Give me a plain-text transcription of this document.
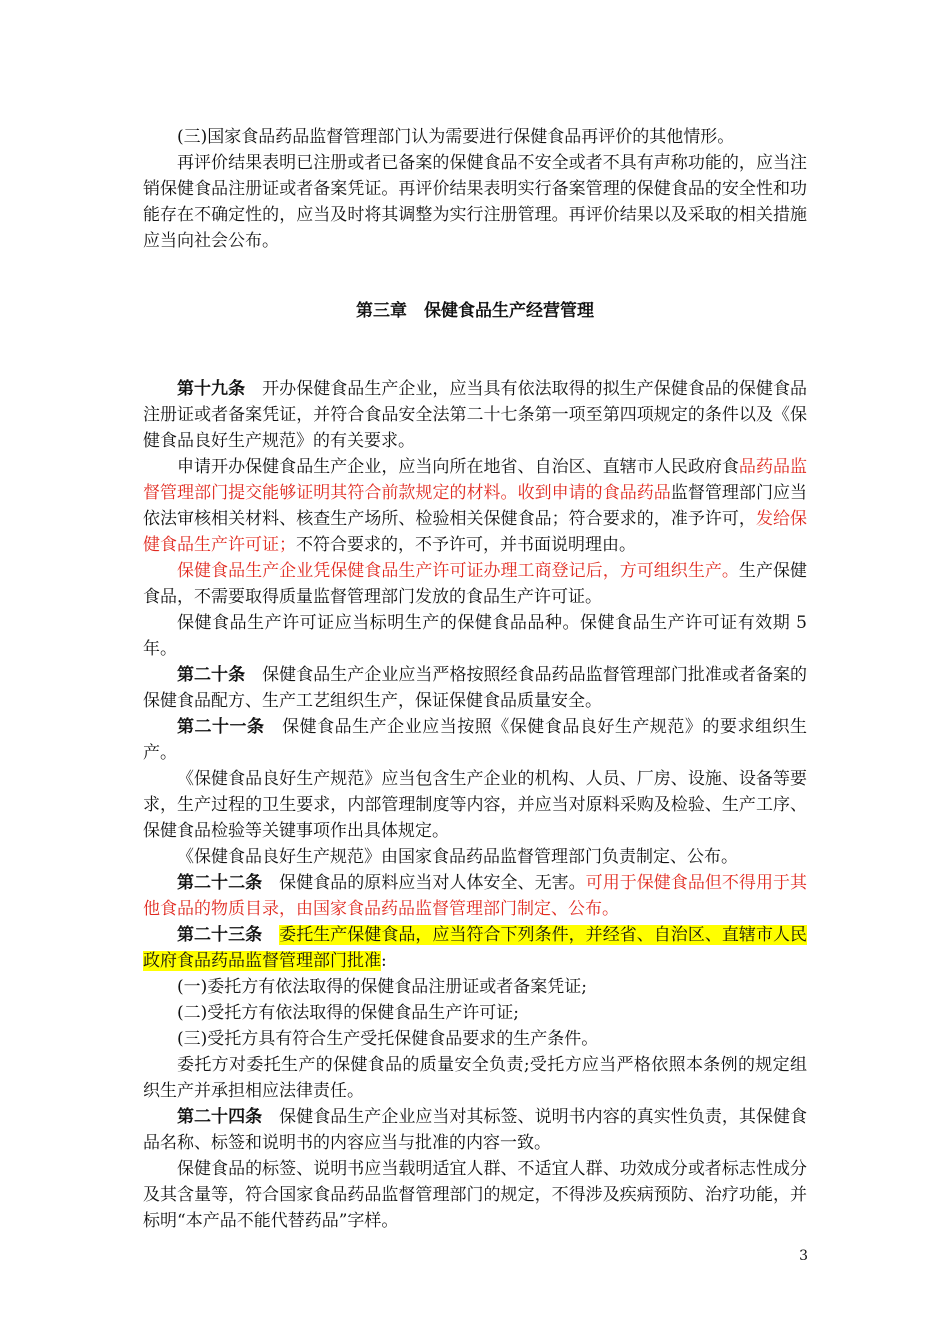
(三)国家食品药品监督管理部门认为需要进行保健食品再评价的其他情形。

再评价结果表明已注册或者已备案的保健食品不安全或者不具有声称功能的，应当注销保健食品注册证或者备案凭证。再评价结果表明实行备案管理的保健食品的安全性和功能存在不确定性的，应当及时将其调整为实行注册管理。再评价结果以及采取的相关措施应当向社会公布。

第三章　保健食品生产经营管理

第十九条　开办保健食品生产企业，应当具有依法取得的拟生产保健食品的保健食品注册证或者备案凭证，并符合食品安全法第二十七条第一项至第四项规定的条件以及《保健食品良好生产规范》的有关要求。

申请开办保健食品生产企业，应当向所在地省、自治区、直辖市人民政府食品药品监督管理部门提交能够证明其符合前款规定的材料。收到申请的食品药品监督管理部门应当依法审核相关材料、核查生产场所、检验相关保健食品；符合要求的，准予许可，发给保健食品生产许可证；不符合要求的，不予许可，并书面说明理由。

保健食品生产企业凭保健食品生产许可证办理工商登记后，方可组织生产。生产保健食品，不需要取得质量监督管理部门发放的食品生产许可证。

保健食品生产许可证应当标明生产的保健食品品种。保健食品生产许可证有效期 5 年。

第二十条　保健食品生产企业应当严格按照经食品药品监督管理部门批准或者备案的保健食品配方、生产工艺组织生产，保证保健食品质量安全。

第二十一条　保健食品生产企业应当按照《保健食品良好生产规范》的要求组织生产。

《保健食品良好生产规范》应当包含生产企业的机构、人员、厂房、设施、设备等要求，生产过程的卫生要求，内部管理制度等内容，并应当对原料采购及检验、生产工序、保健食品检验等关键事项作出具体规定。

《保健食品良好生产规范》由国家食品药品监督管理部门负责制定、公布。

第二十二条　保健食品的原料应当对人体安全、无害。可用于保健食品但不得用于其他食品的物质目录，由国家食品药品监督管理部门制定、公布。

第二十三条　 委托生产保健食品，应当符合下列条件，并经省、自治区、直辖市人民政府食品药品监督管理部门批准:

(一)委托方有依法取得的保健食品注册证或者备案凭证;

(二)受托方有依法取得的保健食品生产许可证;

(三)受托方具有符合生产受托保健食品要求的生产条件。

委托方对委托生产的保健食品的质量安全负责;受托方应当严格依照本条例的规定组织生产并承担相应法律责任。

第二十四条　保健食品生产企业应当对其标签、说明书内容的真实性负责，其保健食品名称、标签和说明书的内容应当与批准的内容一致。

保健食品的标签、说明书应当载明适宜人群、不适宜人群、功效成分或者标志性成分及其含量等，符合国家食品药品监督管理部门的规定，不得涉及疾病预防、治疗功能，并标明“本产品不能代替药品”字样。

3
